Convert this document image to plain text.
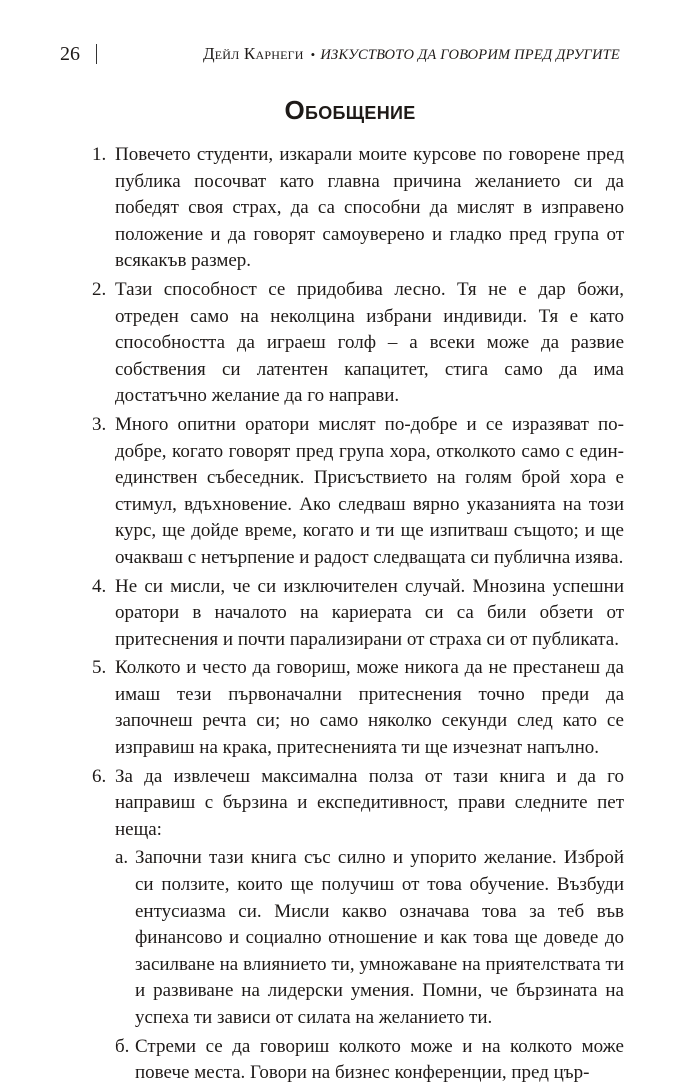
26	Дейл Карнеги • ИЗКУСТВОТО ДА ГОВОРИМ ПРЕД ДРУГИТЕ
Обобщение
1. Повечето студенти, изкарали моите курсове по говорене пред публика посочват като главна причина желанието си да победят своя страх, да са способни да мислят в изправено положение и да говорят самоуверено и гладко пред група от всякакъв размер.
2. Тази способност се придобива лесно. Тя не е дар божи, отреден само на неколцина избрани индивиди. Тя е като способността да играеш голф – а всеки може да развие собствения си латентен капацитет, стига само да има достатъчно желание да го направи.
3. Много опитни оратори мислят по-добре и се изразяват по-добре, когато говорят пред група хора, отколкото само с един-единствен събеседник. Присъствието на голям брой хора е стимул, вдъхновение. Ако следваш вярно указанията на този курс, ще дойде време, когато и ти ще изпитваш същото; и ще очакваш с нетърпение и радост следващата си публична изява.
4. Не си мисли, че си изключителен случай. Мнозина успешни оратори в началото на кариерата си са били обзети от притеснения и почти парализирани от страха си от публиката.
5. Колкото и често да говориш, може никога да не престанеш да имаш тези първоначални притеснения точно преди да започнеш речта си; но само няколко секунди след като се изправиш на крака, притесненията ти ще изчезнат напълно.
6. За да извлечеш максимална полза от тази книга и да го направиш с бързина и експедитивност, прави следните пет неща:
а. Започни тази книга със силно и упорито желание. Изброй си ползите, които ще получиш от това обучение. Възбуди ентусиазма си. Мисли какво означава това за теб във финансово и социално отношение и как това ще доведе до засилване на влиянието ти, умножаване на приятелствата ти и развиване на лидерски умения. Помни, че бързината на успеха ти зависи от силата на желанието ти.
б. Стреми се да говориш колкото може и на колкото може повече места. Говори на бизнес конференции, пред цър-
